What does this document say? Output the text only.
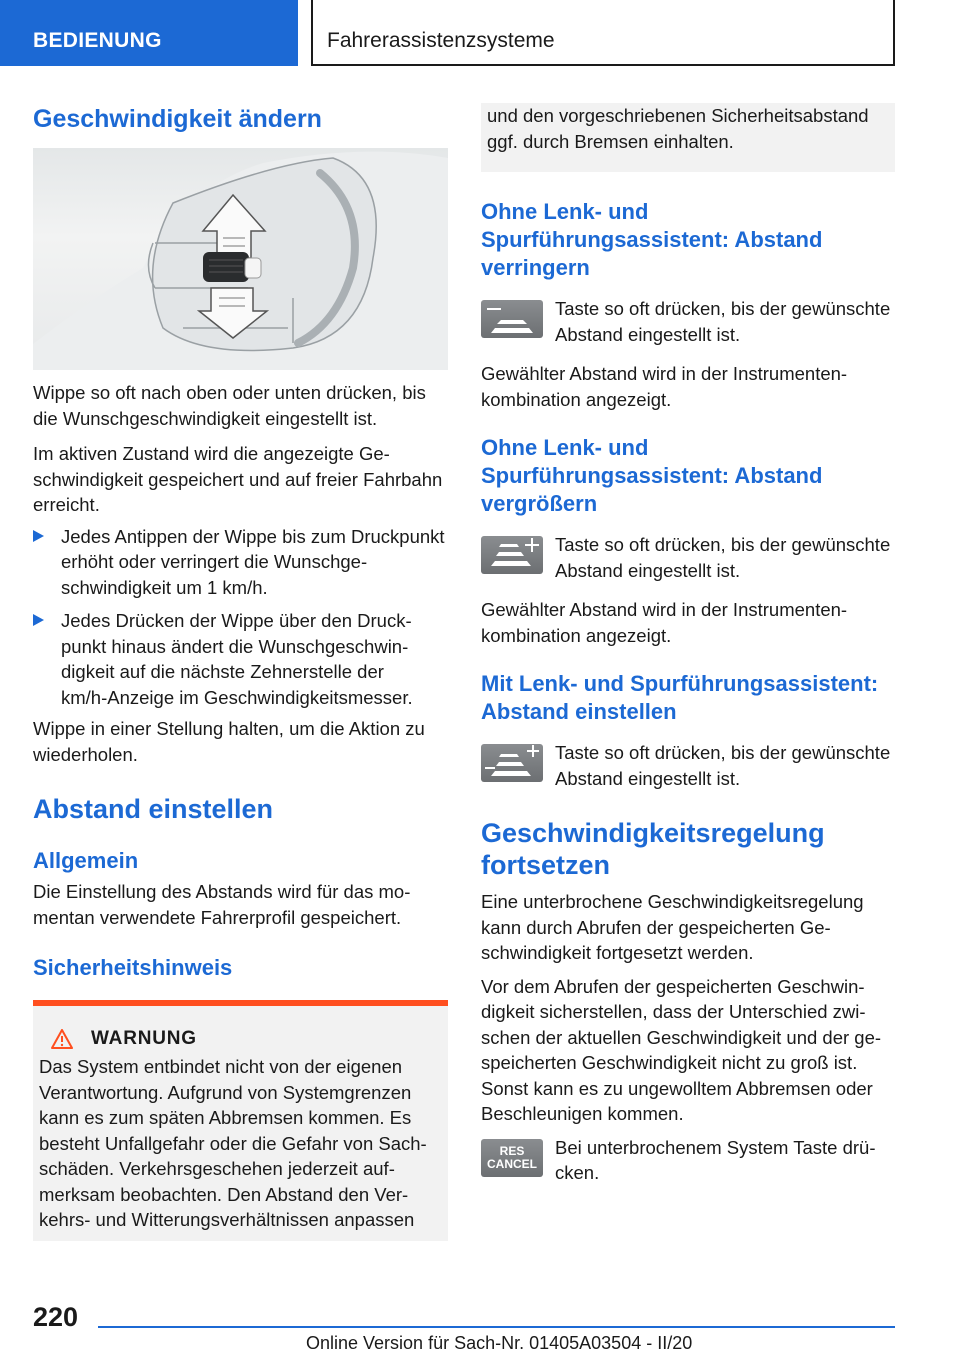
BEDIENUNG	Fahrerassistenzsysteme
Geschwindigkeit ändern
Wippe so oft nach oben oder unten drücken, bis die Wunschgeschwindigkeit eingestellt ist.
Im aktiven Zustand wird die angezeigte Geschwindigkeit gespeichert und auf freier Fahrbahn erreicht.
Jedes Antippen der Wippe bis zum Druckpunkt erhöht oder verringert die Wunschgeschwindigkeit um 1 km/h.
Jedes Drücken der Wippe über den Druckpunkt hinaus ändert die Wunschgeschwindigkeit auf die nächste Zehnerstelle der km/h‑Anzeige im Geschwindigkeitsmesser.
Wippe in einer Stellung halten, um die Aktion zu wiederholen.
Abstand einstellen
Allgemein
Die Einstellung des Abstands wird für das momentan verwendete Fahrerprofil gespeichert.
Sicherheitshinweis
WARNUNG
Das System entbindet nicht von der eigenen Verantwortung. Aufgrund von Systemgrenzen kann es zum späten Abbremsen kommen. Es besteht Unfallgefahr oder die Gefahr von Sachschäden. Verkehrsgeschehen jederzeit aufmerksam beobachten. Den Abstand den Verkehrs- und Witterungsverhältnissen anpassen
und den vorgeschriebenen Sicherheitsabstand ggf. durch Bremsen einhalten.
Ohne Lenk- und Spurführungsassistent: Abstand verringern
Taste so oft drücken, bis der gewünschte Abstand eingestellt ist.
Gewählter Abstand wird in der Instrumentenkombination angezeigt.
Ohne Lenk- und Spurführungsassistent: Abstand vergrößern
Taste so oft drücken, bis der gewünschte Abstand eingestellt ist.
Gewählter Abstand wird in der Instrumentenkombination angezeigt.
Mit Lenk- und Spurführungsassistent: Abstand einstellen
Taste so oft drücken, bis der gewünschte Abstand eingestellt ist.
Geschwindigkeitsregelung fortsetzen
Eine unterbrochene Geschwindigkeitsregelung kann durch Abrufen der gespeicherten Geschwindigkeit fortgesetzt werden.
Vor dem Abrufen der gespeicherten Geschwindigkeit sicherstellen, dass der Unterschied zwischen der aktuellen Geschwindigkeit und der gespeicherten Geschwindigkeit nicht zu groß ist. Sonst kann es zu ungewolltem Abbremsen oder Beschleunigen kommen.
RES
CANCEL
Bei unterbrochenem System Taste drücken.
220
Online Version für Sach-Nr. 01405A03504 - II/20
